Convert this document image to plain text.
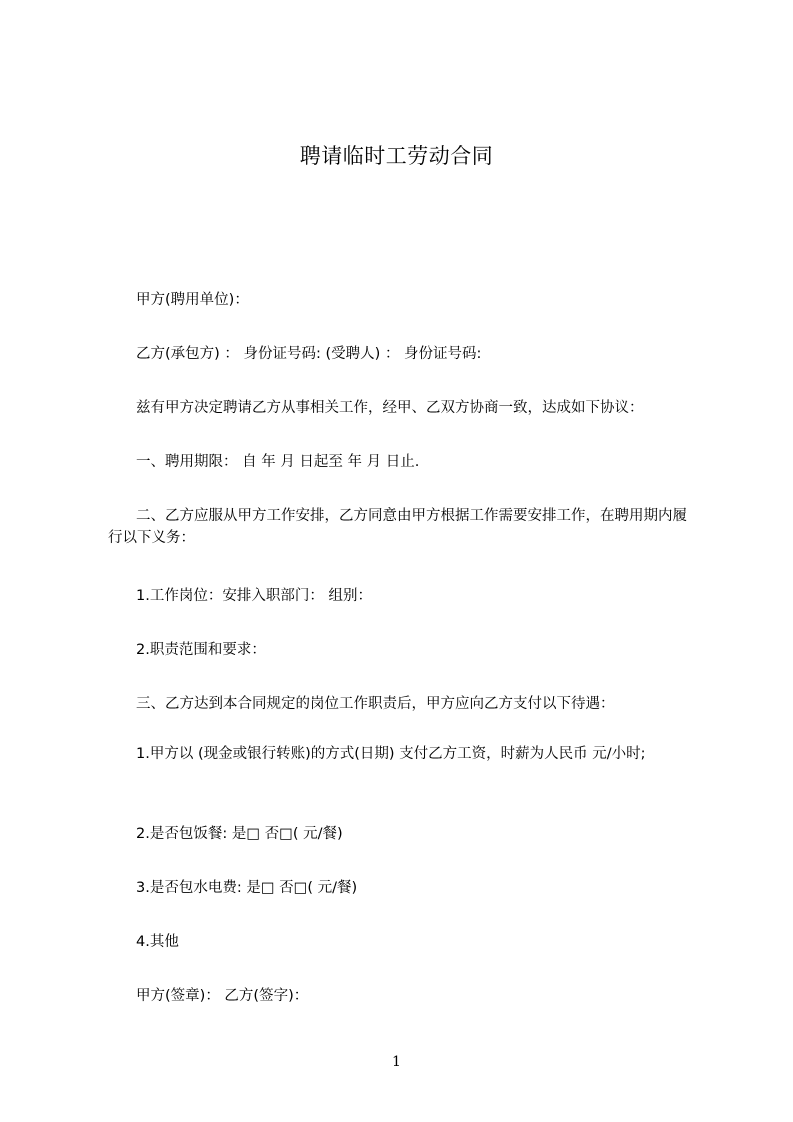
聘请临时工劳动合同
甲方(聘用单位)：
乙方(承包方) ： 身份证号码: (受聘人) ： 身份证号码:
兹有甲方决定聘请乙方从事相关工作，经甲、乙双方协商一致，达成如下协议：
一、聘用期限： 自 年 月 日起至 年 月 日止.
二、乙方应服从甲方工作安排，乙方同意由甲方根据工作需要安排工作，在聘用期内履行以下义务：
1.工作岗位：安排入职部门： 组别：
2.职责范围和要求：
三、乙方达到本合同规定的岗位工作职责后，甲方应向乙方支付以下待遇：
1.甲方以 (现金或银行转账)的方式(日期) 支付乙方工资，时薪为人民币 元/小时;
2.是否包饭餐: 是□ 否□( 元/餐)
3.是否包水电费: 是□ 否□( 元/餐)
4.其他
甲方(签章)： 乙方(签字)：
1
